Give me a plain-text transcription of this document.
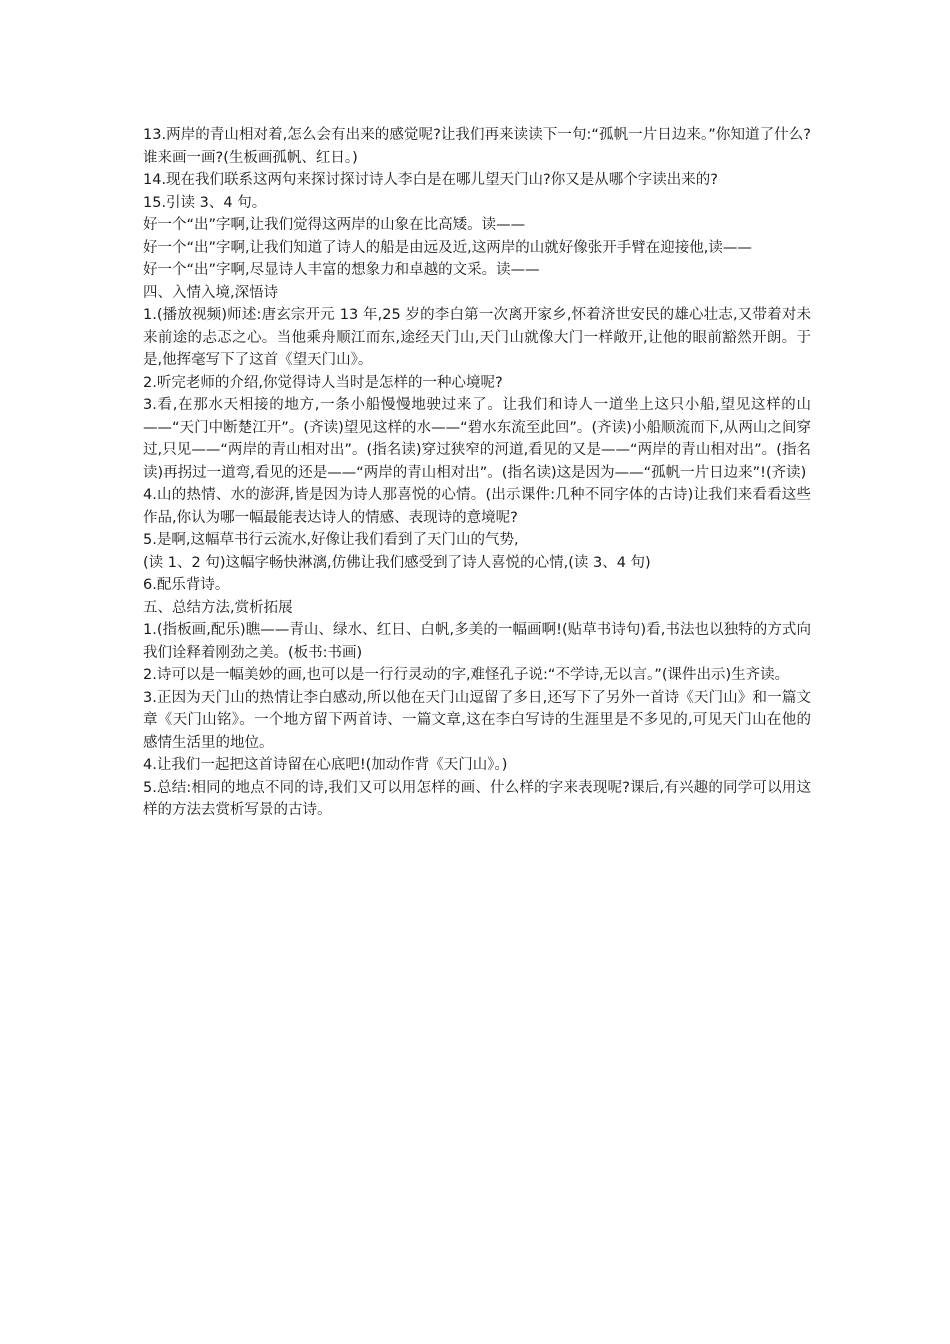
13.两岸的青山相对着,怎么会有出来的感觉呢?让我们再来读读下一句:“孤帆一片日边来。”你知道了什么?谁来画一画?(生板画孤帆、红日。)

14.现在我们联系这两句来探讨探讨诗人李白是在哪儿望天门山?你又是从哪个字读出来的?

15.引读 3、4 句。

好一个“出”字啊,让我们觉得这两岸的山象在比高矮。读——

好一个“出”字啊,让我们知道了诗人的船是由远及近,这两岸的山就好像张开手臂在迎接他,读——

好一个“出”字啊,尽显诗人丰富的想象力和卓越的文采。读——

四、入情入境,深悟诗

1.(播放视频)师述:唐玄宗开元 13 年,25 岁的李白第一次离开家乡,怀着济世安民的雄心壮志,又带着对未来前途的忐忑之心。当他乘舟顺江而东,途经天门山,天门山就像大门一样敞开,让他的眼前豁然开朗。于是,他挥毫写下了这首《望天门山》。

2.听完老师的介绍,你觉得诗人当时是怎样的一种心境呢?

3.看,在那水天相接的地方,一条小船慢慢地驶过来了。让我们和诗人一道坐上这只小船,望见这样的山——“天门中断楚江开”。(齐读)望见这样的水——“碧水东流至此回”。(齐读)小船顺流而下,从两山之间穿过,只见——“两岸的青山相对出”。(指名读)穿过狭窄的河道,看见的又是——“两岸的青山相对出”。(指名读)再拐过一道弯,看见的还是——“两岸的青山相对出”。(指名读)这是因为——“孤帆一片日边来”!(齐读)

4.山的热情、水的澎湃,皆是因为诗人那喜悦的心情。(出示课件:几种不同字体的古诗)让我们来看看这些作品,你认为哪一幅最能表达诗人的情感、表现诗的意境呢?

5.是啊,这幅草书行云流水,好像让我们看到了天门山的气势,

(读 1、2 句)这幅字畅快淋漓,仿佛让我们感受到了诗人喜悦的心情,(读 3、4 句)

6.配乐背诗。

五、总结方法,赏析拓展

1.(指板画,配乐)瞧——青山、绿水、红日、白帆,多美的一幅画啊!(贴草书诗句)看,书法也以独特的方式向我们诠释着刚劲之美。(板书:书画)

2.诗可以是一幅美妙的画,也可以是一行行灵动的字,难怪孔子说:“不学诗,无以言。”(课件出示)生齐读。

3.正因为天门山的热情让李白感动,所以他在天门山逗留了多日,还写下了另外一首诗《天门山》和一篇文章《天门山铭》。一个地方留下两首诗、一篇文章,这在李白写诗的生涯里是不多见的,可见天门山在他的感情生活里的地位。

4.让我们一起把这首诗留在心底吧!(加动作背《天门山》。)

5.总结:相同的地点不同的诗,我们又可以用怎样的画、什么样的字来表现呢?课后,有兴趣的同学可以用这样的方法去赏析写景的古诗。
